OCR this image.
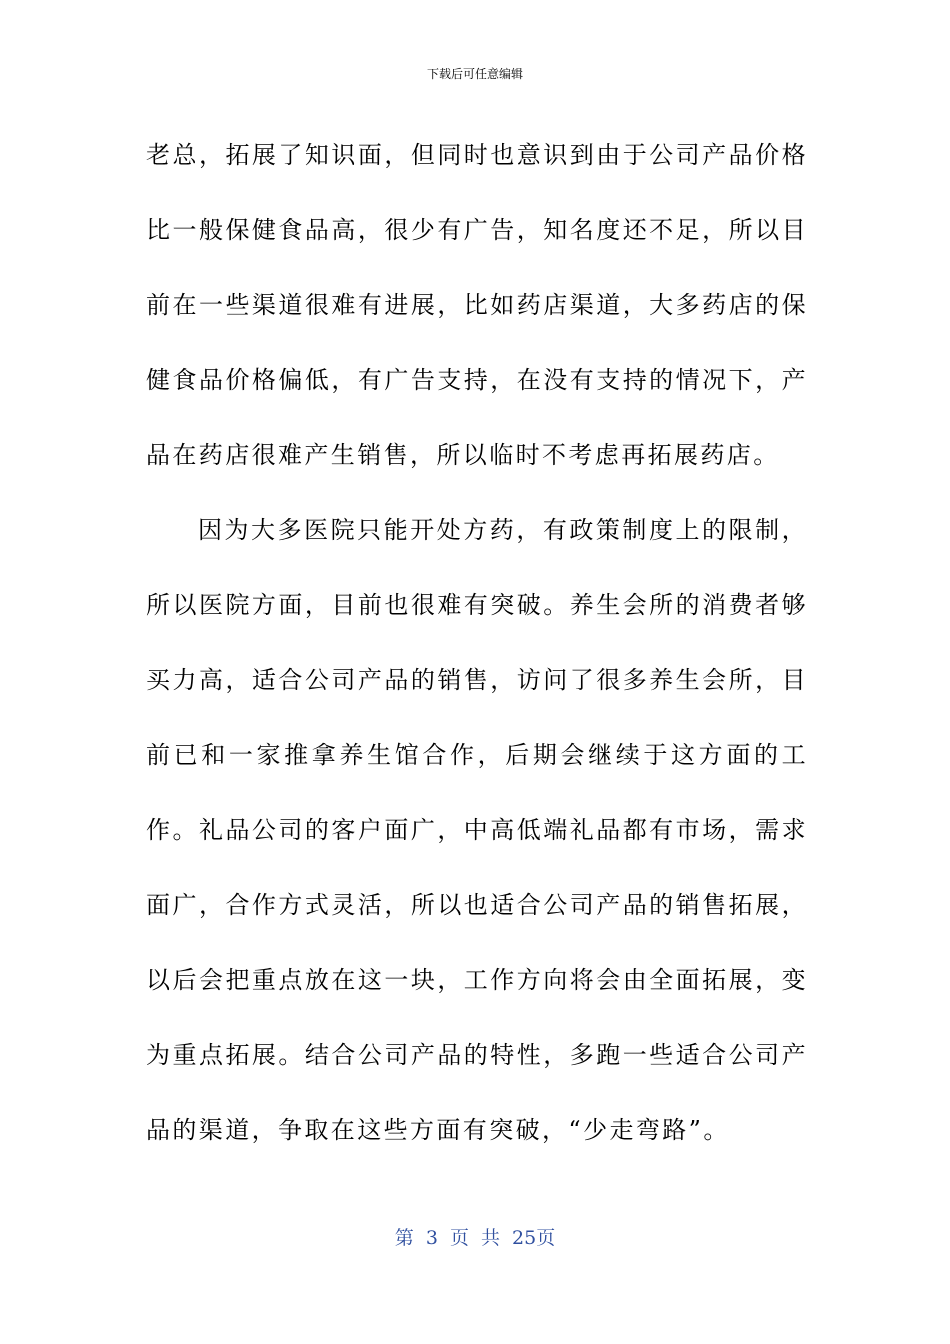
下载后可任意编辑

老总，拓展了知识面，但同时也意识到由于公司产品价格比一般保健食品高，很少有广告，知名度还不足，所以目前在一些渠道很难有进展，比如药店渠道，大多药店的保健食品价格偏低，有广告支持，在没有支持的情况下，产品在药店很难产生销售，所以临时不考虑再拓展药店。

因为大多医院只能开处方药，有政策制度上的限制，所以医院方面，目前也很难有突破。养生会所的消费者够买力高，适合公司产品的销售，访问了很多养生会所，目前已和一家推拿养生馆合作，后期会继续于这方面的工作。礼品公司的客户面广，中高低端礼品都有市场，需求面广，合作方式灵活，所以也适合公司产品的销售拓展，以后会把重点放在这一块，工作方向将会由全面拓展，变为重点拓展。结合公司产品的特性，多跑一些适合公司产品的渠道，争取在这些方面有突破，“少走弯路”。

第 3 页 共 25页
